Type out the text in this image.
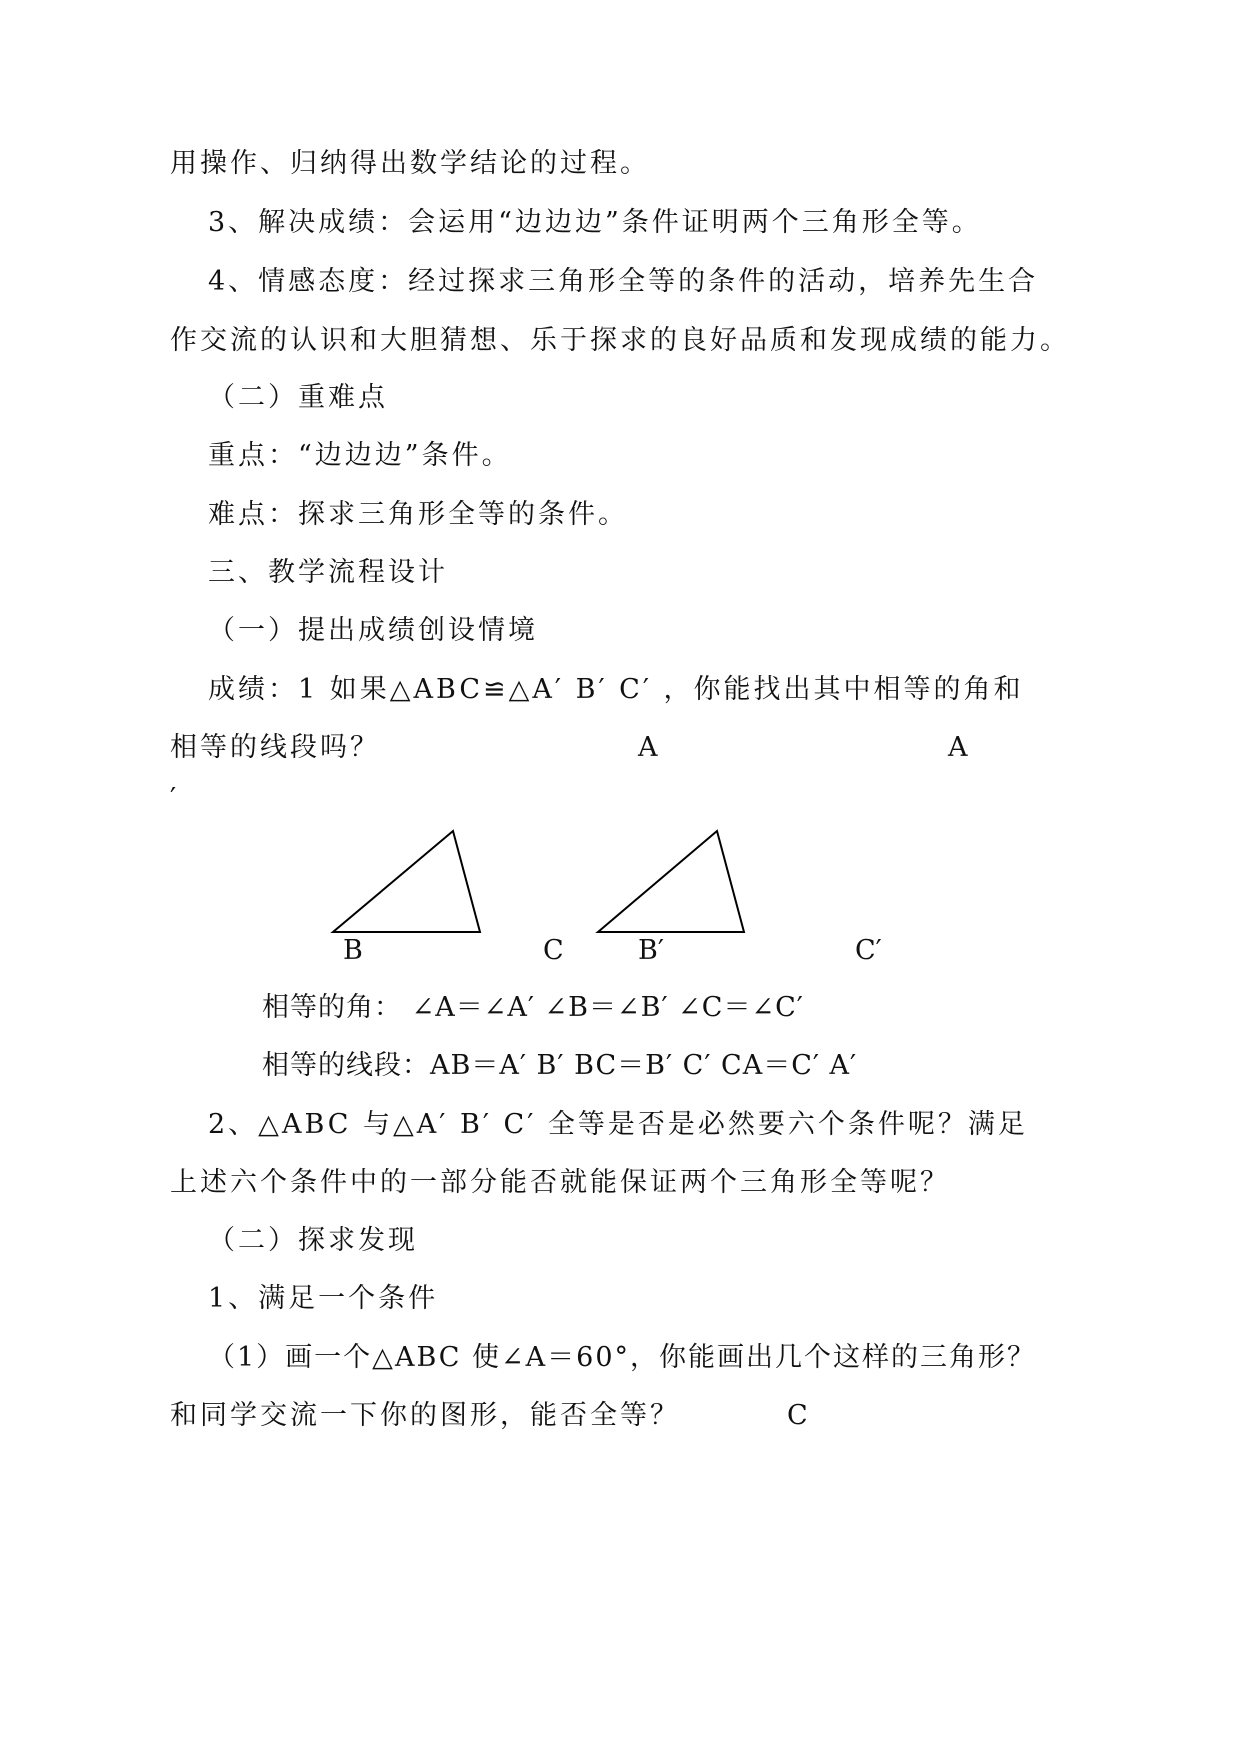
用操作、归纳得出数学结论的过程。
3、解决成绩：会运用“边边边”条件证明两个三角形全等。
4、情感态度：经过探求三角形全等的条件的活动，培养先生合
作交流的认识和大胆猜想、乐于探求的良好品质和发现成绩的能力。
（二）重难点
重点：“边边边”条件。
难点：探求三角形全等的条件。
三、教学流程设计
（一）提出成绩创设情境
成绩：1 如果△ABC≌△A′ B′ C′ ，你能找出其中相等的角和
相等的线段吗？	A	A
′
B	C	B′	C′
相等的角： ∠A＝∠A′ ∠B＝∠B′ ∠C＝∠C′
相等的线段：AB＝A′ B′ BC＝B′ C′ CA＝C′ A′
2、△ABC 与△A′ B′ C′ 全等是否是必然要六个条件呢？满足
上述六个条件中的一部分能否就能保证两个三角形全等呢？
（二）探求发现
1、满足一个条件
（1）画一个△ABC 使∠A＝60°，你能画出几个这样的三角形？
和同学交流一下你的图形，能否全等？	C
